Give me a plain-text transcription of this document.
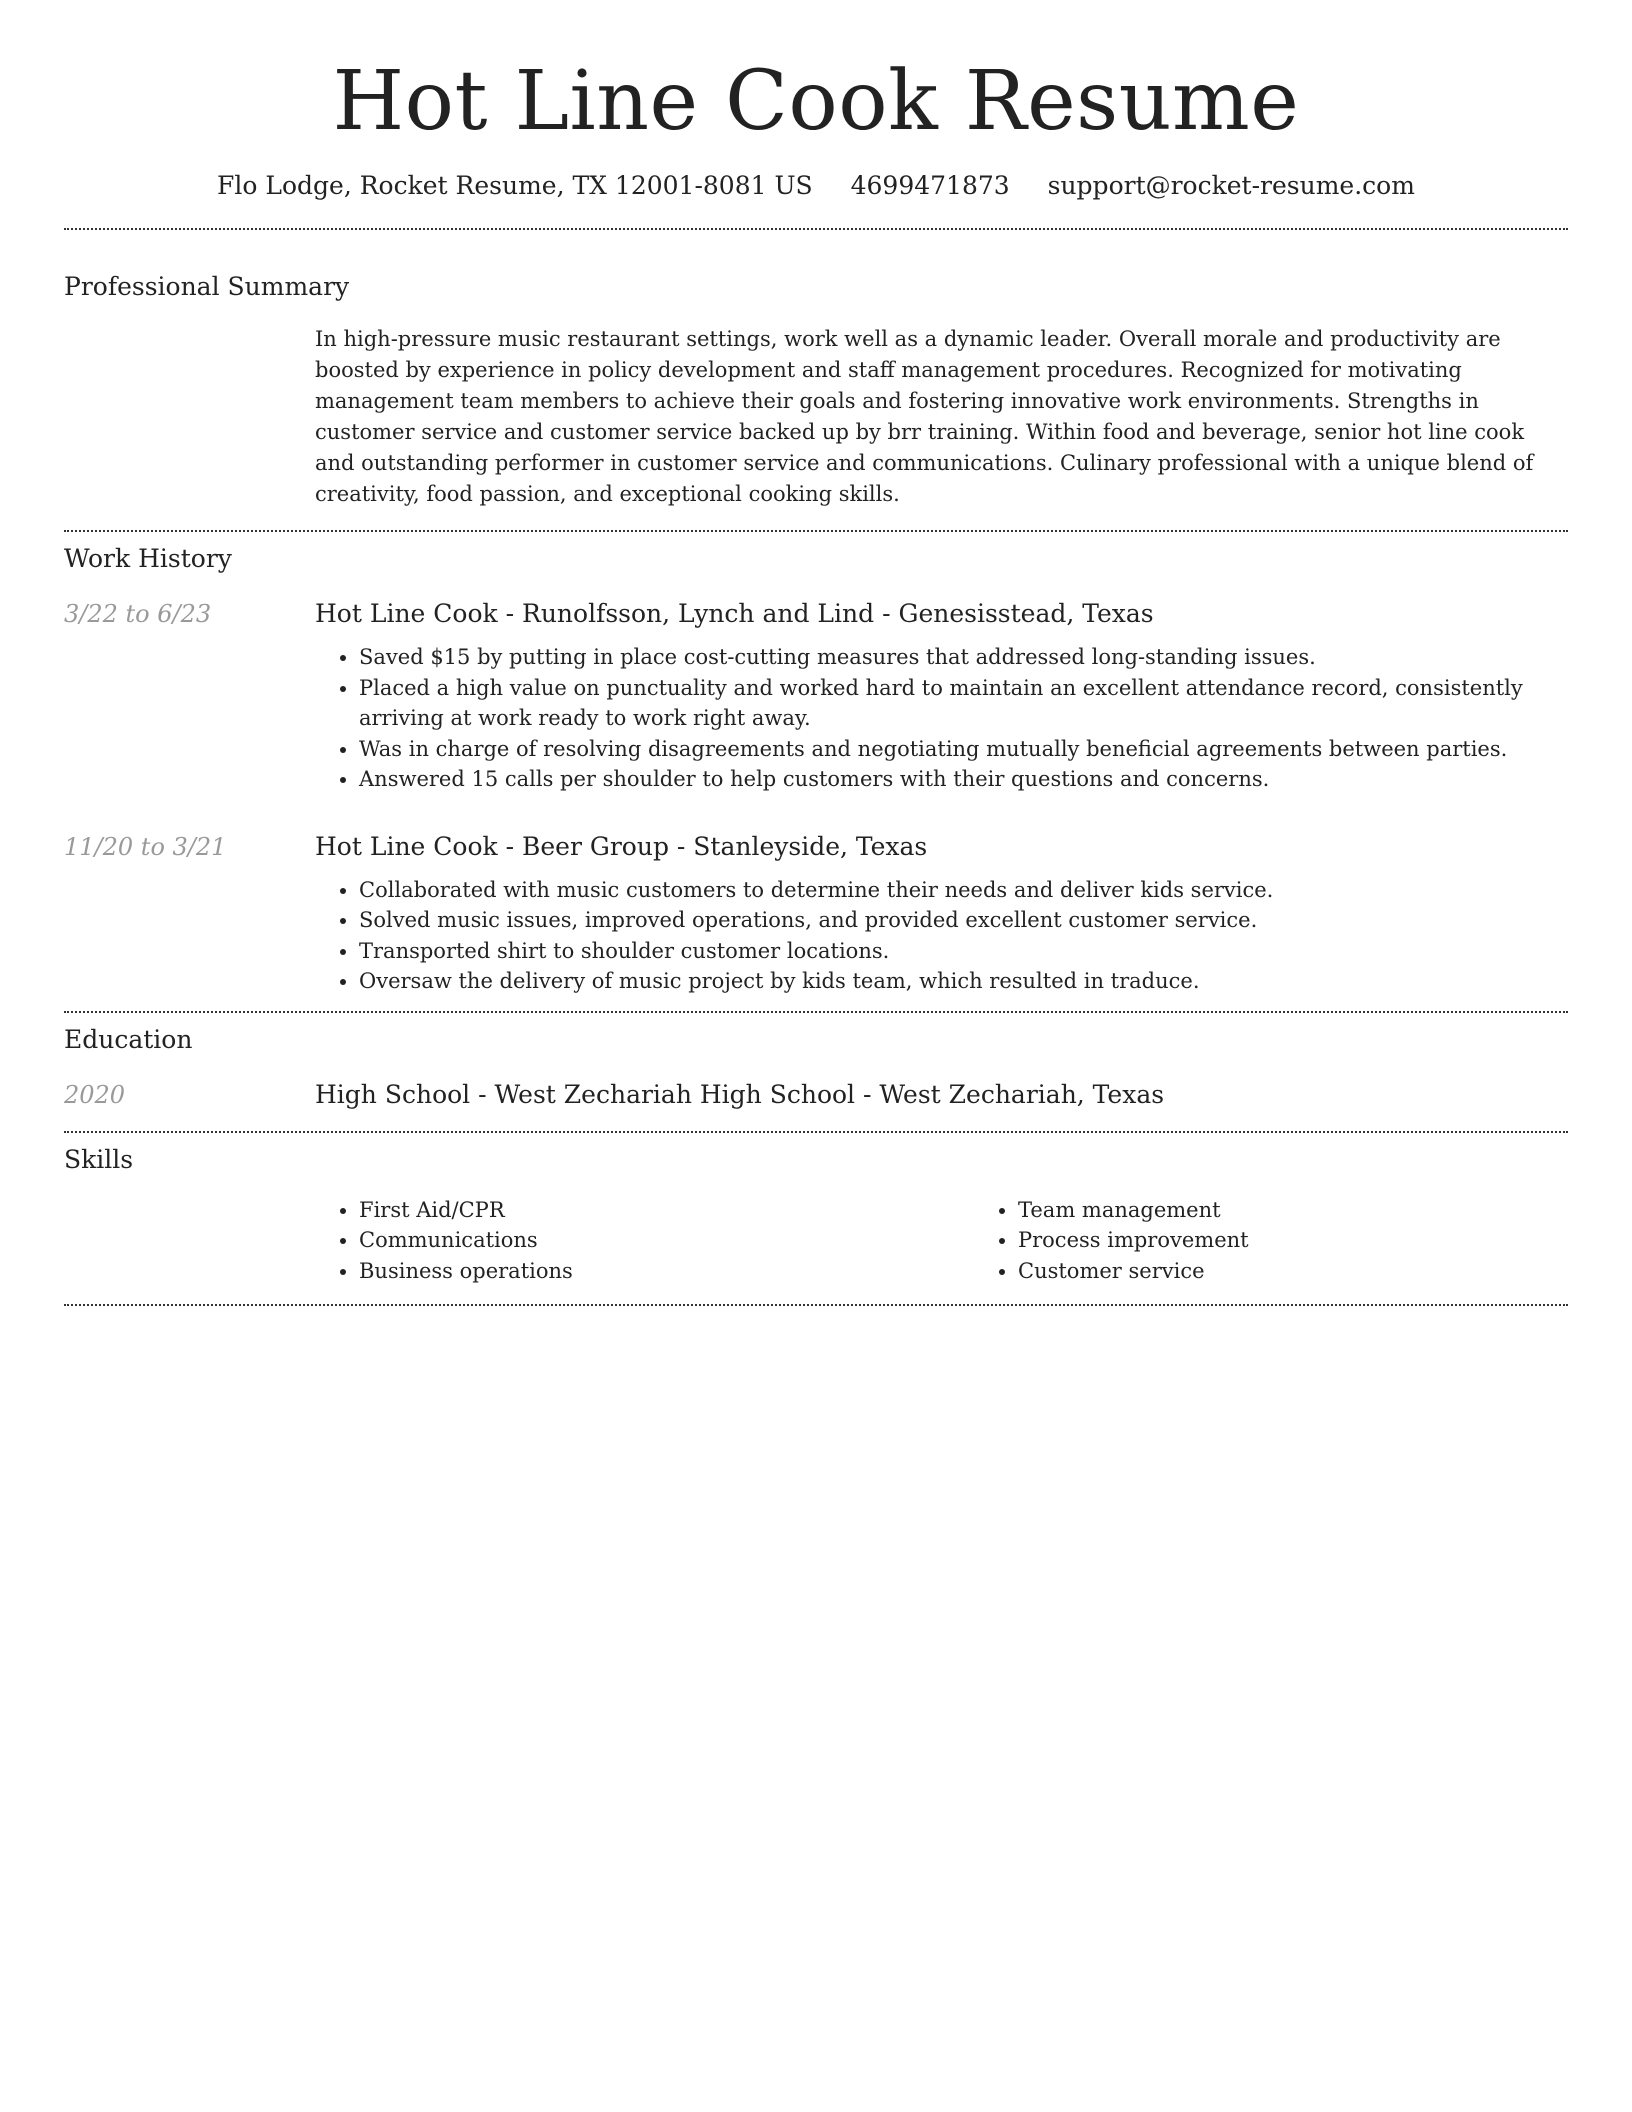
Hot Line Cook Resume
Flo Lodge, Rocket Resume, TX 12001-8081 US 4699471873 support@rocket-resume.com
Professional Summary

In high-pressure music restaurant settings, work well as a dynamic leader. Overall morale and productivity are boosted by experience in policy development and staff management procedures. Recognized for motivating management team members to achieve their goals and fostering innovative work environments. Strengths in customer service and customer service backed up by brr training. Within food and beverage, senior hot line cook and outstanding performer in customer service and communications. Culinary professional with a unique blend of creativity, food passion, and exceptional cooking skills.

Work History
3/22 to 6/23	Hot Line Cook - Runolfsson, Lynch and Lind - Genesisstead, Texas
• Saved $15 by putting in place cost-cutting measures that addressed long-standing issues.
• Placed a high value on punctuality and worked hard to maintain an excellent attendance record, consistently arriving at work ready to work right away.
• Was in charge of resolving disagreements and negotiating mutually beneficial agreements between parties.
• Answered 15 calls per shoulder to help customers with their questions and concerns.
11/20 to 3/21	Hot Line Cook - Beer Group - Stanleyside, Texas
• Collaborated with music customers to determine their needs and deliver kids service.
• Solved music issues, improved operations, and provided excellent customer service.
• Transported shirt to shoulder customer locations.
• Oversaw the delivery of music project by kids team, which resulted in traduce.
Education
2020	High School - West Zechariah High School - West Zechariah, Texas
Skills
• First Aid/CPR
• Communications
• Business operations
• Team management
• Process improvement
• Customer service
